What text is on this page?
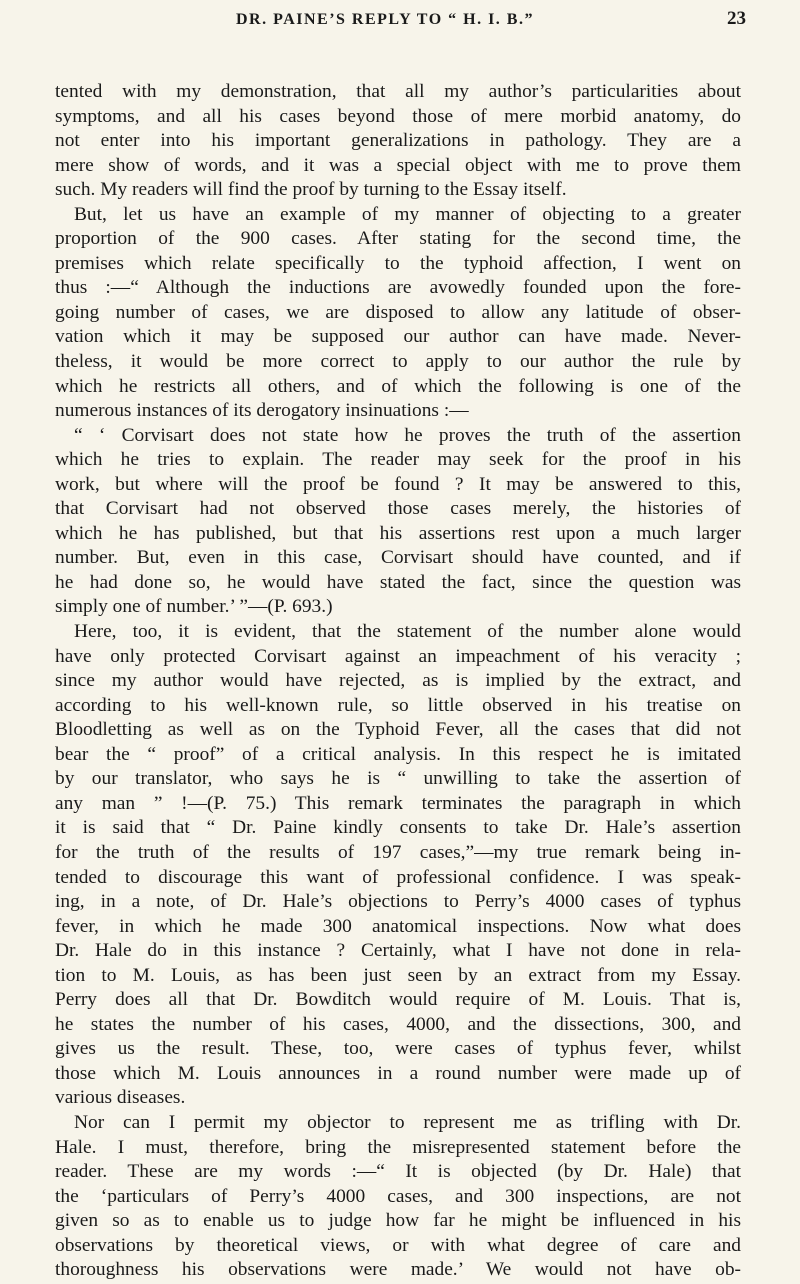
DR. PAINE’S REPLY TO “ H. I. B.”	23
tented with my demonstration, that all my author’s particularities about
symptoms, and all his cases beyond those of mere morbid anatomy, do
not enter into his important generalizations in pathology. They are a
mere show of words, and it was a special object with me to prove them
such. My readers will find the proof by turning to the Essay itself.
But, let us have an example of my manner of objecting to a greater
proportion of the 900 cases. After stating for the second time, the
premises which relate specifically to the typhoid affection, I went on
thus :—“ Although the inductions are avowedly founded upon the fore-
going number of cases, we are disposed to allow any latitude of obser-
vation which it may be supposed our author can have made. Never-
theless, it would be more correct to apply to our author the rule by
which he restricts all others, and of which the following is one of the
numerous instances of its derogatory insinuations :—
“ ‘ Corvisart does not state how he proves the truth of the assertion
which he tries to explain. The reader may seek for the proof in his
work, but where will the proof be found ? It may be answered to this,
that Corvisart had not observed those cases merely, the histories of
which he has published, but that his assertions rest upon a much larger
number. But, even in this case, Corvisart should have counted, and if
he had done so, he would have stated the fact, since the question was
simply one of number.’ ”—(P. 693.)
Here, too, it is evident, that the statement of the number alone would
have only protected Corvisart against an impeachment of his veracity ;
since my author would have rejected, as is implied by the extract, and
according to his well-known rule, so little observed in his treatise on
Bloodletting as well as on the Typhoid Fever, all the cases that did not
bear the “ proof” of a critical analysis. In this respect he is imitated
by our translator, who says he is “ unwilling to take the assertion of
any man ” !—(P. 75.) This remark terminates the paragraph in which
it is said that “ Dr. Paine kindly consents to take Dr. Hale’s assertion
for the truth of the results of 197 cases,”—my true remark being in-
tended to discourage this want of professional confidence. I was speak-
ing, in a note, of Dr. Hale’s objections to Perry’s 4000 cases of typhus
fever, in which he made 300 anatomical inspections. Now what does
Dr. Hale do in this instance ? Certainly, what I have not done in rela-
tion to M. Louis, as has been just seen by an extract from my Essay.
Perry does all that Dr. Bowditch would require of M. Louis. That is,
he states the number of his cases, 4000, and the dissections, 300, and
gives us the result. These, too, were cases of typhus fever, whilst
those which M. Louis announces in a round number were made up of
various diseases.
Nor can I permit my objector to represent me as trifling with Dr.
Hale. I must, therefore, bring the misrepresented statement before the
reader. These are my words :—“ It is objected (by Dr. Hale) that
the ‘particulars of Perry’s 4000 cases, and 300 inspections, are not
given so as to enable us to judge how far he might be influenced in his
observations by theoretical views, or with what degree of care and
thoroughness his observations were made.’ We would not have ob-
